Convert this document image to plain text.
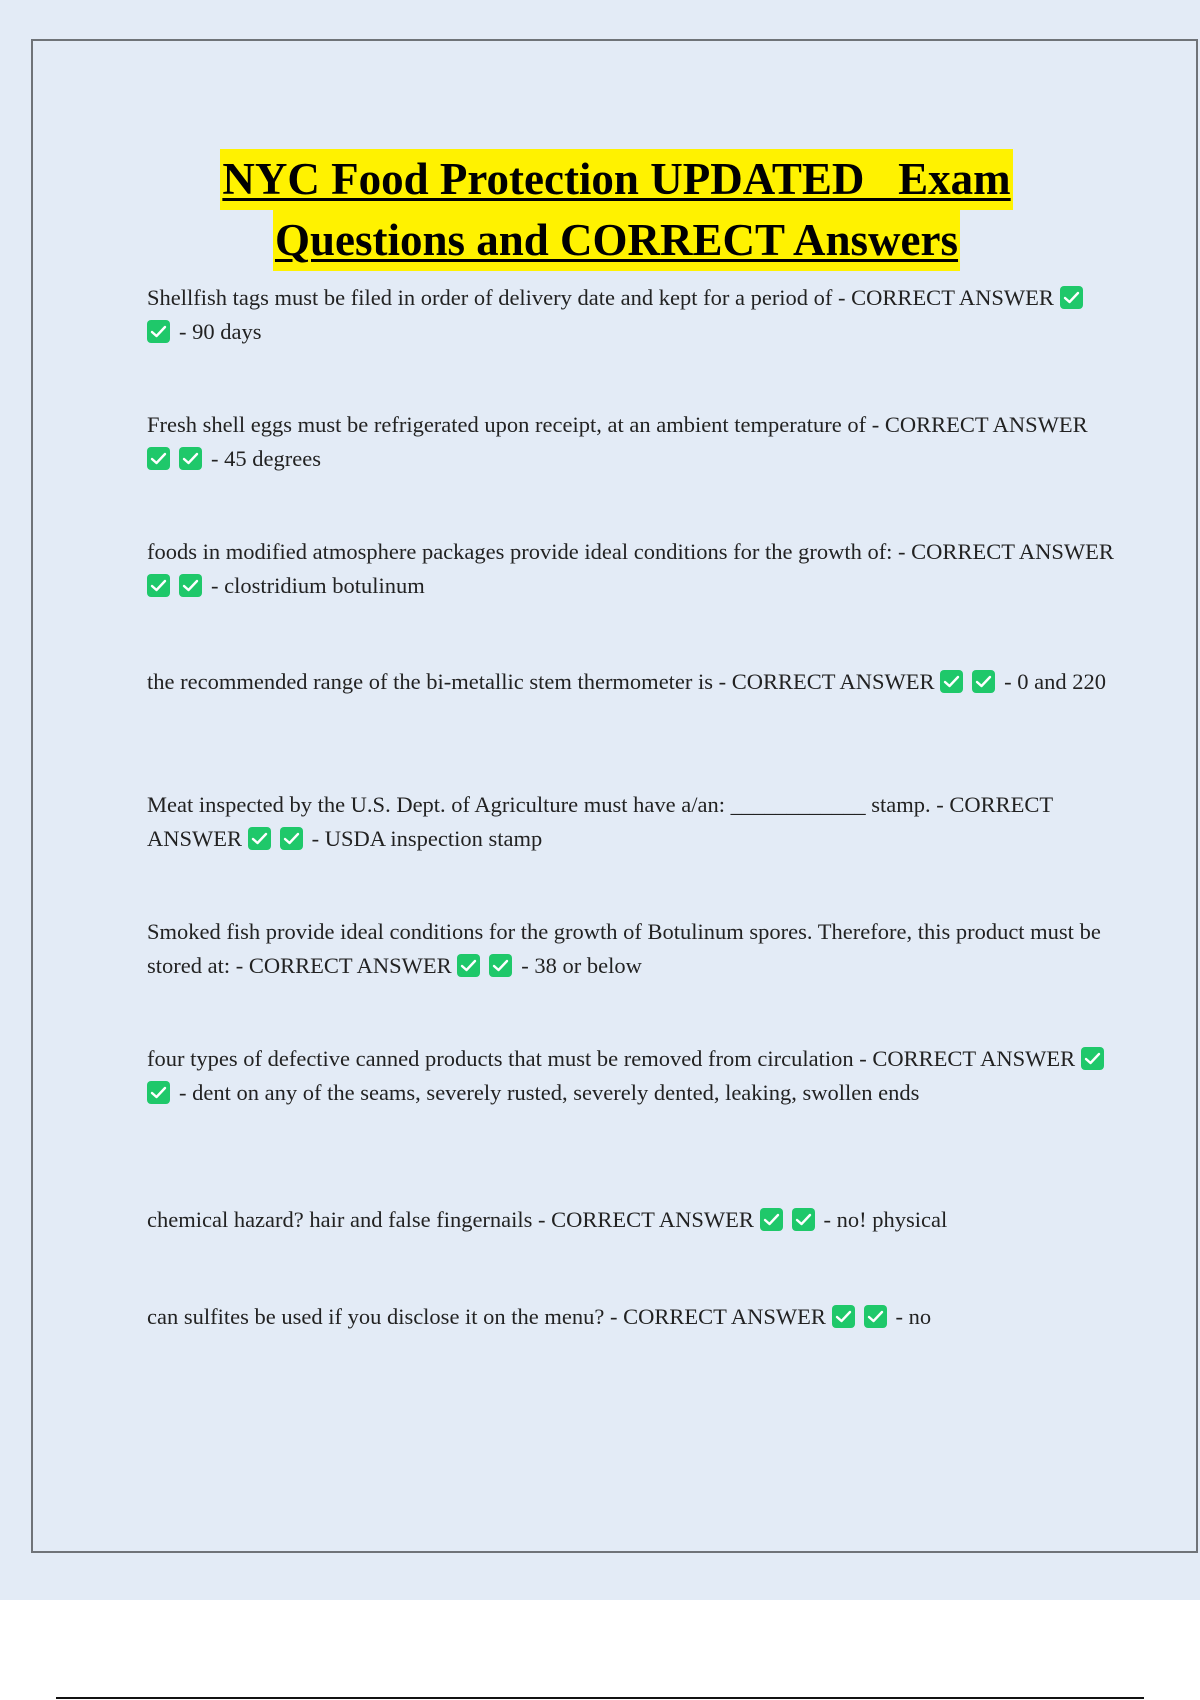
NYC Food Protection UPDATED   Exam
Questions and CORRECT Answers
Shellfish tags must be filed in order of delivery date and kept for a period of - CORRECT ANSWER
- 90 days
Fresh shell eggs must be refrigerated upon receipt, at an ambient temperature of - CORRECT ANSWER
- 45 degrees
foods in modified atmosphere packages provide ideal conditions for the growth of: - CORRECT ANSWER
- clostridium botulinum
the recommended range of the bi-metallic stem thermometer is - CORRECT ANSWER	- 0 and 220
Meat inspected by the U.S. Dept. of Agriculture must have a/an: ____________ stamp. - CORRECT ANSWER	- USDA inspection stamp
Smoked fish provide ideal conditions for the growth of Botulinum spores. Therefore, this product must be stored at: - CORRECT ANSWER	- 38 or below
four types of defective canned products that must be removed from circulation - CORRECT ANSWER
- dent on any of the seams, severely rusted, severely dented, leaking, swollen ends
chemical hazard? hair and false fingernails - CORRECT ANSWER	- no! physical
can sulfites be used if you disclose it on the menu? - CORRECT ANSWER	- no
